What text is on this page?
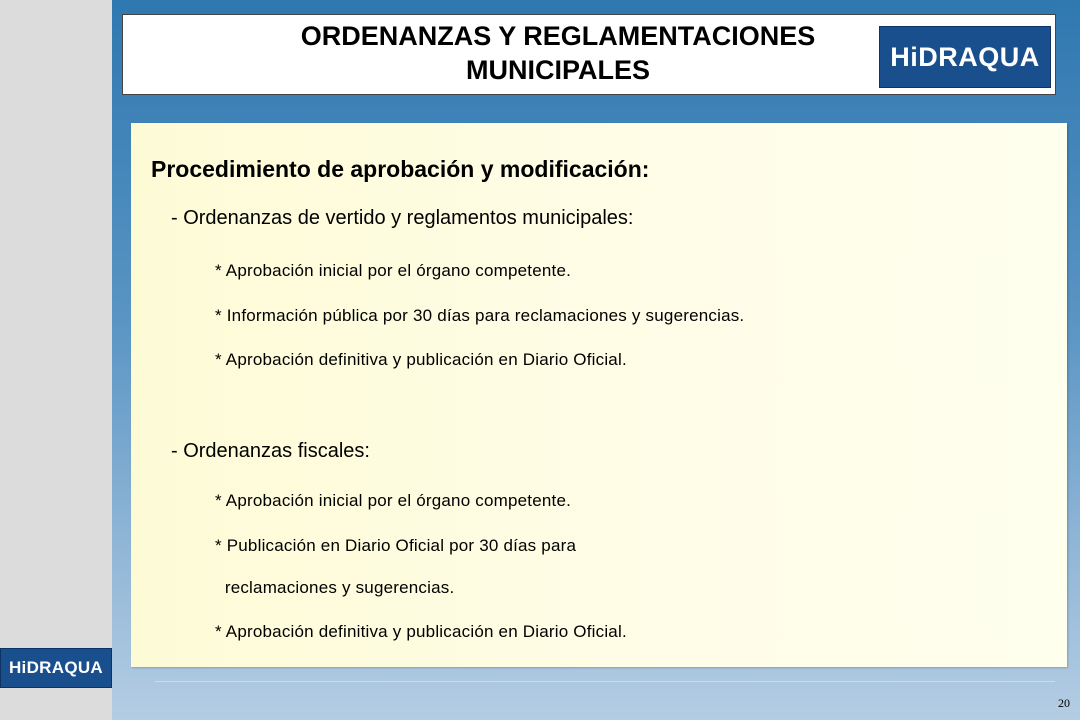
HiDRAQUA
ORDENANZAS Y REGLAMENTACIONES
MUNICIPALES	HiDRAQUA
Procedimiento de aprobación y modificación:
- Ordenanzas de vertido y reglamentos municipales:
* Aprobación inicial por el órgano competente.
* Información pública por 30 días para reclamaciones y sugerencias.
* Aprobación definitiva y publicación en Diario Oficial.
- Ordenanzas fiscales:
* Aprobación inicial por el órgano competente.
* Publicación en Diario Oficial por 30 días para
reclamaciones y sugerencias.
* Aprobación definitiva y publicación en Diario Oficial.
20
